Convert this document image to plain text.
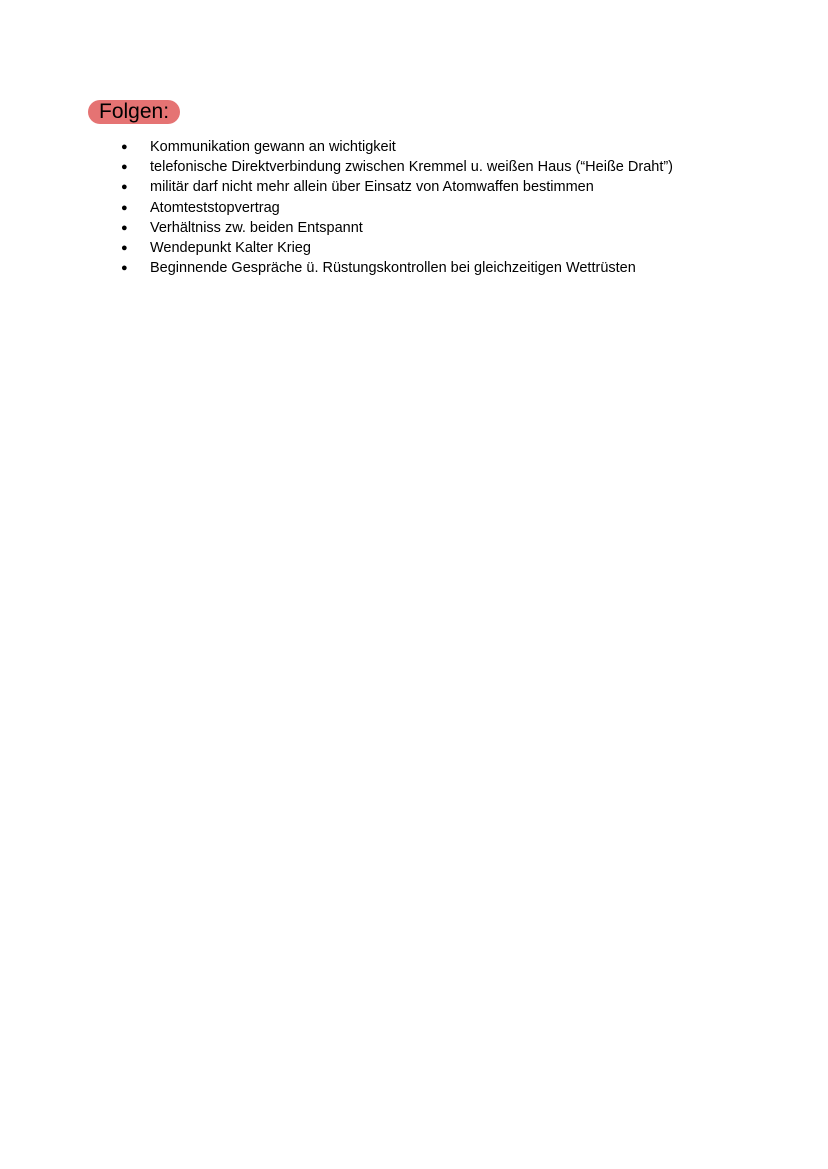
Folgen:
●	Kommunikation gewann an wichtigkeit
●	telefonische Direktverbindung zwischen Kremmel u. weißen Haus (“Heiße Draht”)
●	militär darf nicht mehr allein über Einsatz von Atomwaffen bestimmen
●	Atomteststopvertrag
●	Verhältniss zw. beiden Entspannt
●	Wendepunkt Kalter Krieg
●	Beginnende Gespräche ü. Rüstungskontrollen bei gleichzeitigen Wettrüsten
